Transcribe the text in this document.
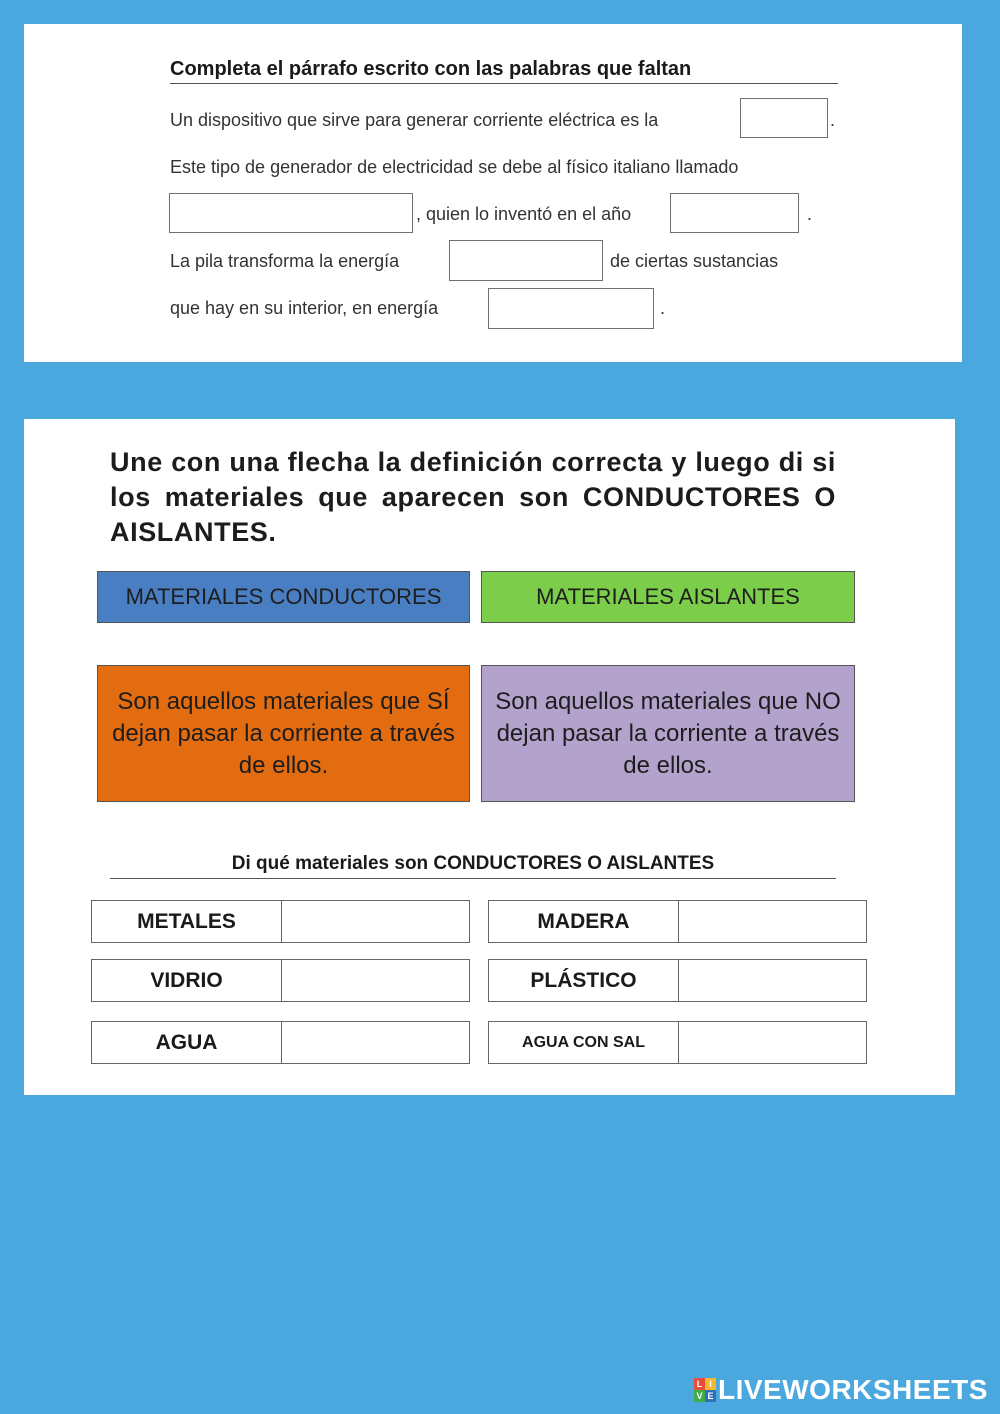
Completa el párrafo escrito con las palabras que faltan
Un dispositivo que sirve para generar corriente eléctrica es la	.
Este tipo de generador de electricidad se debe al físico italiano llamado
, quien lo inventó en el año	.
La pila transforma la energía	de ciertas sustancias
que hay en su interior, en energía	.
Une con una flecha la definición correcta y luego di si los materiales que aparecen son CONDUCTORES O AISLANTES.
MATERIALES CONDUCTORES	MATERIALES AISLANTES
Son aquellos materiales que SÍ dejan pasar la corriente a través de ellos.
Son aquellos materiales que NO dejan pasar la corriente a través de ellos.
Di qué materiales son CONDUCTORES O AISLANTES
METALES	MADERA
VIDRIO	PLÁSTICO
AGUA	AGUA CON SAL
L I
V E LIVEWORKSHEETS
